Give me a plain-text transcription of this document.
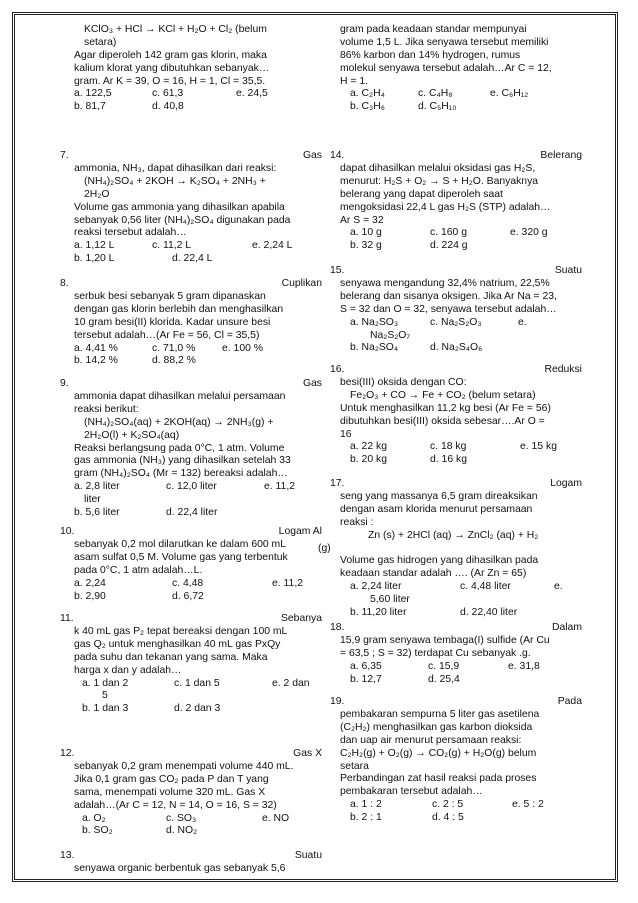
KClO₃ + HCl → KCl + H₂O + Cl₂ (belum

setara)

Agar diperoleh 142 gram gas klorin, maka

kalium klorat yang dibutuhkan sebanyak…

gram. Ar K = 39, O = 16, H = 1, Cl = 35,5.

a. 122,5	c. 61,3	e. 24,5
b. 81,7	d. 40,8
7.	Gas

ammonia, NH₃, dapat dihasilkan dari reaksi:

(NH₄)₂SO₄ + 2KOH → K₂SO₄ + 2NH₃ +

2H₂O

Volume gas ammonia yang dihasilkan apabila

sebanyak 0,56 liter (NH₄)₂SO₄ digunakan pada

reaksi tersebut adalah…

a. 1,12 L	c. 11,2 L	e. 2,24 L
b. 1,20 L	d. 22,4 L
8.	Cuplikan

serbuk besi sebanyak 5 gram dipanaskan

dengan gas klorin berlebih dan menghasilkan

10 gram besi(II) klorida. Kadar unsure besi

tersebut adalah…(Ar Fe = 56, Cl = 35,5)

a. 4,41 %	c. 71,0 %	e. 100 %
b. 14,2 %	d. 88,2 %
9.	Gas

ammonia dapat dihasilkan melalui persamaan

reaksi berikut:

(NH₄)₂SO₄(aq) + 2KOH(aq) → 2NH₃(g) +

2H₂O(l) + K₂SO₄(aq)

Reaksi berlangsung pada 0°C, 1 atm. Volume

gas ammonia (NH₃) yang dihasilkan setelah 33

gram (NH₄)₂SO₄ (Mr = 132) bereaksi adalah…

a. 2,8 liter	c. 12,0 liter	e. 11,2

liter

b. 5,6 liter	d. 22,4 liter
10.	Logam Al

sebanyak 0,2 mol dilarutkan ke dalam 600 mL

asam sulfat 0,5 M. Volume gas yang terbentuk

pada 0°C, 1 atm adalah…L.

a. 2,24	c. 4,48	e. 11,2
b. 2,90	d. 6,72
11.	Sebanya

k 40 mL gas P₂ tepat bereaksi dengan 100 mL

gas Q₂ untuk menghasilkan 40 mL gas PxQy

pada suhu dan tekanan yang sama. Maka

harga x dan y adalah…

a. 1 dan 2	c. 1 dan 5	e. 2 dan

5

b. 1 dan 3	d. 2 dan 3
12.	Gas X

sebanyak 0,2 gram menempati volume 440 mL.

Jika 0,1 gram gas CO₂ pada P dan T yang

sama, menempati volume 320 mL. Gas X

adalah…(Ar C = 12, N = 14, O = 16, S = 32)

a. O₂	c. SO₃	e. NO
b. SO₂	d. NO₂
13.	Suatu

senyawa organic berbentuk gas sebanyak 5,6

gram pada keadaan standar mempunyai

volume 1,5 L. Jika senyawa tersebut memiliki

86% karbon dan 14% hydrogen, rumus

molekul senyawa tersebut adalah…Ar C = 12,

H = 1.

a. C₂H₄	c. C₄H₈	e. C₆H₁₂
b. C₃H₆	d. C₅H₁₀
14.	Belerang

dapat dihasilkan melalui oksidasi gas H₂S,

menurut: H₂S + O₂ → S + H₂O. Banyaknya

belerang yang dapat diperoleh saat

mengoksidasi 22,4 L gas H₂S (STP) adalah…

Ar S = 32

a. 10 g	c. 160 g	e. 320 g
b. 32 g	d. 224 g
15.	Suatu

senyawa mengandung 32,4% natrium, 22,5%

belerang dan sisanya oksigen. Jika Ar Na = 23,

S = 32 dan O = 32, senyawa tersebut adalah…

a. Na₂SO₃	c. Na₂S₂O₃	e.

Na₂S₂O₇

b. Na₂SO₄	d. Na₂S₄O₆
16.	Reduksi

besi(III) oksida dengan CO:

Fe₂O₃ + CO → Fe + CO₂ (belum setara)

Untuk menghasilkan 11,2 kg besi (Ar Fe = 56)

dibutuhkan besi(III) oksida sebesar….Ar O =

16

a. 22 kg	c. 18 kg	e. 15 kg
b. 20 kg	d. 16 kg
17.	Logam

seng yang massanya 6,5 gram direaksikan

dengan asam klorida menurut persamaan

reaksi :

Zn (s) + 2HCl (aq) → ZnCl₂ (aq) + H₂

(g)

Volume gas hidrogen yang dihasilkan pada

keadaan standar adalah …. (Ar Zn = 65)

a. 2,24 liter	c. 4,48 liter	e.

5,60 liter

b. 11,20 liter	d. 22,40 liter
18.	Dalam

15,9 gram senyawa tembaga(I) sulfide (Ar Cu

= 63,5 ; S = 32) terdapat Cu sebanyak .g.

a. 6,35	c. 15,9	e. 31,8
b. 12,7	d. 25,4
19.	Pada

pembakaran sempurna 5 liter gas asetilena

(C₂H₂) menghasilkan gas karbon dioksida

dan uap air menurut persamaan reaksi:

C₂H₂(g) + O₂(g) → CO₂(g) + H₂O(g) belum

setara

Perbandingan zat hasil reaksi pada proses

pembakaran tersebut adalah…

a. 1 : 2	c. 2 : 5	e. 5 : 2
b. 2 : 1	d. 4 : 5
